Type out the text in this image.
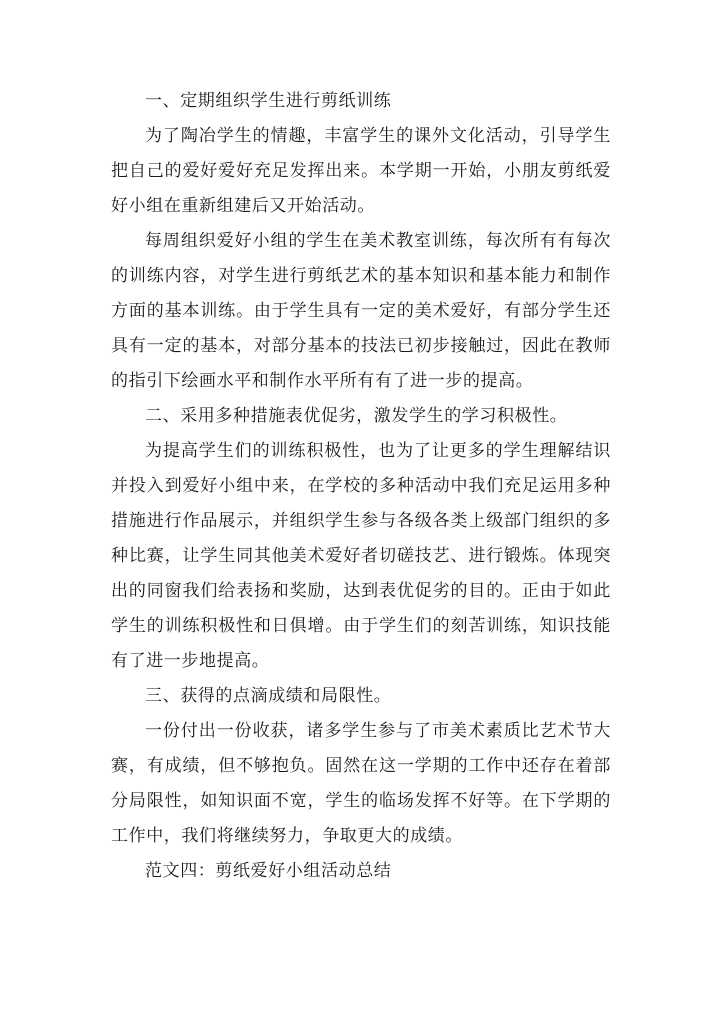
一、定期组织学生进行剪纸训练

为了陶冶学生的情趣，丰富学生的课外文化活动，引导学生把自己的爱好爱好充足发挥出来。本学期一开始，小朋友剪纸爱好小组在重新组建后又开始活动。

每周组织爱好小组的学生在美术教室训练，每次所有有每次的训练内容，对学生进行剪纸艺术的基本知识和基本能力和制作方面的基本训练。由于学生具有一定的美术爱好，有部分学生还具有一定的基本，对部分基本的技法已初步接触过，因此在教师的指引下绘画水平和制作水平所有有了进一步的提高。

二、采用多种措施表优促劣，激发学生的学习积极性。

为提高学生们的训练积极性，也为了让更多的学生理解结识并投入到爱好小组中来，在学校的多种活动中我们充足运用多种措施进行作品展示，并组织学生参与各级各类上级部门组织的多种比赛，让学生同其他美术爱好者切磋技艺、进行锻炼。体现突出的同窗我们给表扬和奖励，达到表优促劣的目的。正由于如此学生的训练积极性和日俱增。由于学生们的刻苦训练，知识技能有了进一步地提高。

三、获得的点滴成绩和局限性。

一份付出一份收获，诸多学生参与了市美术素质比艺术节大赛，有成绩，但不够抱负。固然在这一学期的工作中还存在着部分局限性，如知识面不宽，学生的临场发挥不好等。在下学期的工作中，我们将继续努力，争取更大的成绩。

范文四：剪纸爱好小组活动总结
